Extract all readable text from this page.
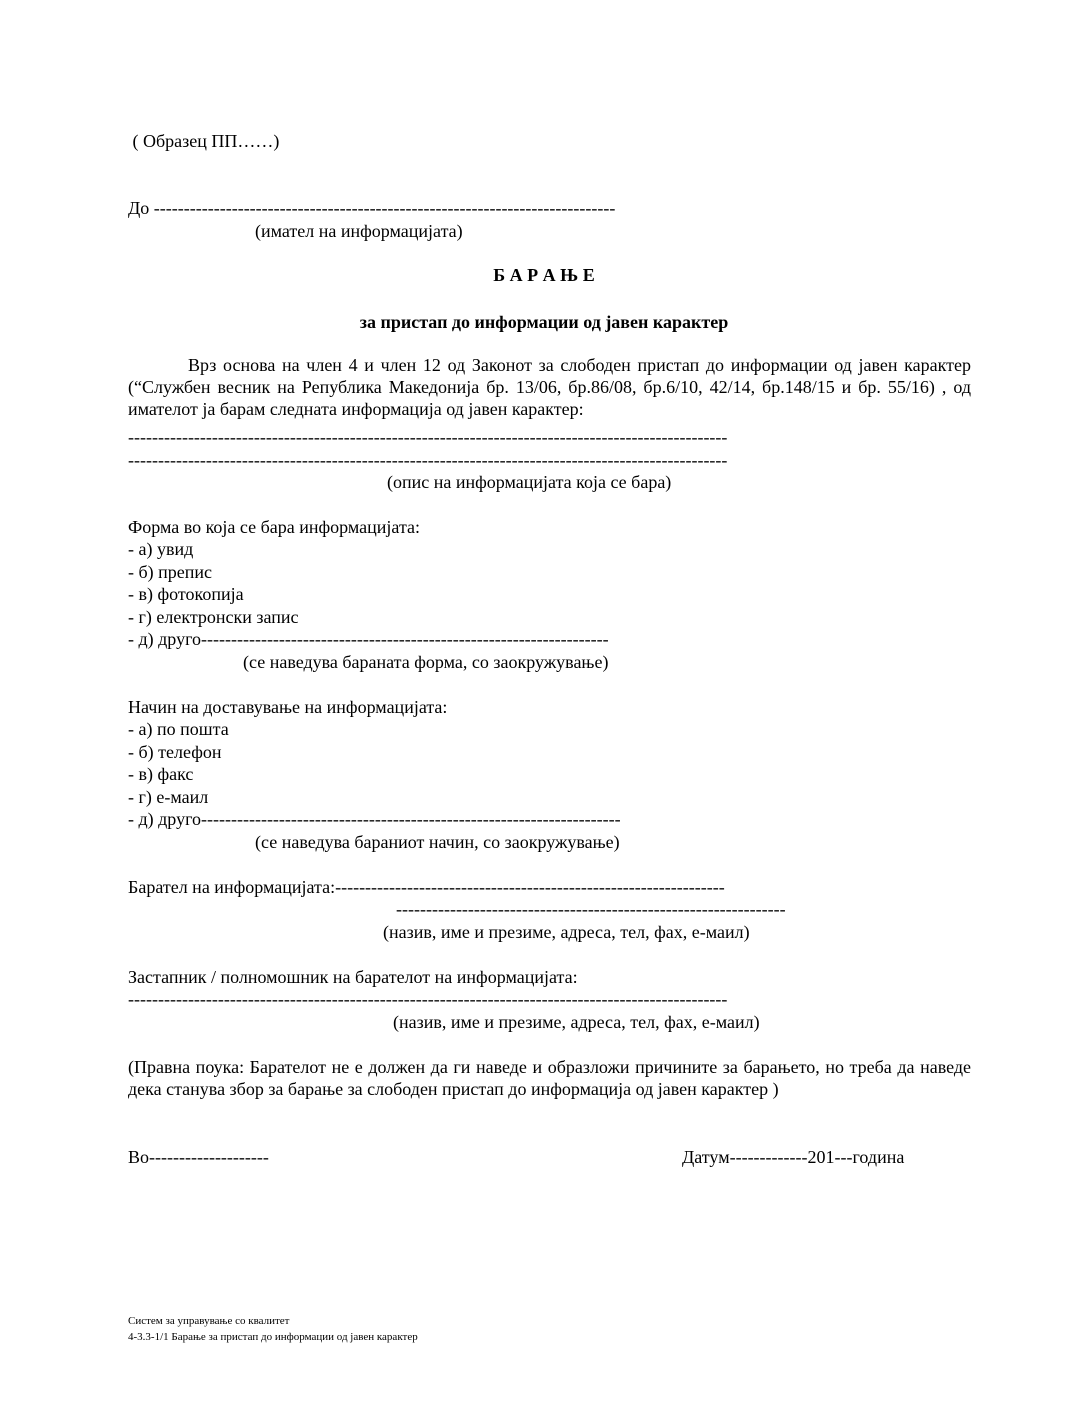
( Образец ПП……)
До -----------------------------------------------------------------------------
(имател на информацијата)
Б А Р А Њ Е
за пристап до информации од јавен карактер
Врз основа на член 4 и член 12 од Законот за слободен пристап до информации од јавен карактер (“Службен весник на Република Македонија бр. 13/06, бр.86/08, бр.6/10, 42/14, бр.148/15 и бр. 55/16) , од имателот ја барам следната информација од јавен карактер:
----------------------------------------------------------------------------------------------------
----------------------------------------------------------------------------------------------------
(опис на информацијата која се бара)
Форма во која се бара информацијата:
- а) увид
- б) препис
- в) фотокопија
- г) електронски запис
- д) друго--------------------------------------------------------------------
(се наведува бараната форма, со заокружување)
Начин на доставување на информацијата:
- а) по пошта
- б) телефон
- в) факс
- г) е-маил
- д) друго----------------------------------------------------------------------
(се наведува бараниот начин, со заокружување)
Барател на информацијата:-----------------------------------------------------------------
-----------------------------------------------------------------
(назив, име и презиме, адреса, тел, фах, е-маил)
Застапник / полномошник на барателот на информацијата:
----------------------------------------------------------------------------------------------------
(назив, име и презиме, адреса, тел, фах, е-маил)
(Правна поука: Барателот не е должен да ги наведе и образложи причините за барањето, но треба да наведе дека станува збор за барање за слободен пристап до информација од јавен карактер )
Во--------------------	Датум-------------201---година
Систем за управување со квалитет
4-3.3-1/1 Барање за пристап до информации од јавен карактер
